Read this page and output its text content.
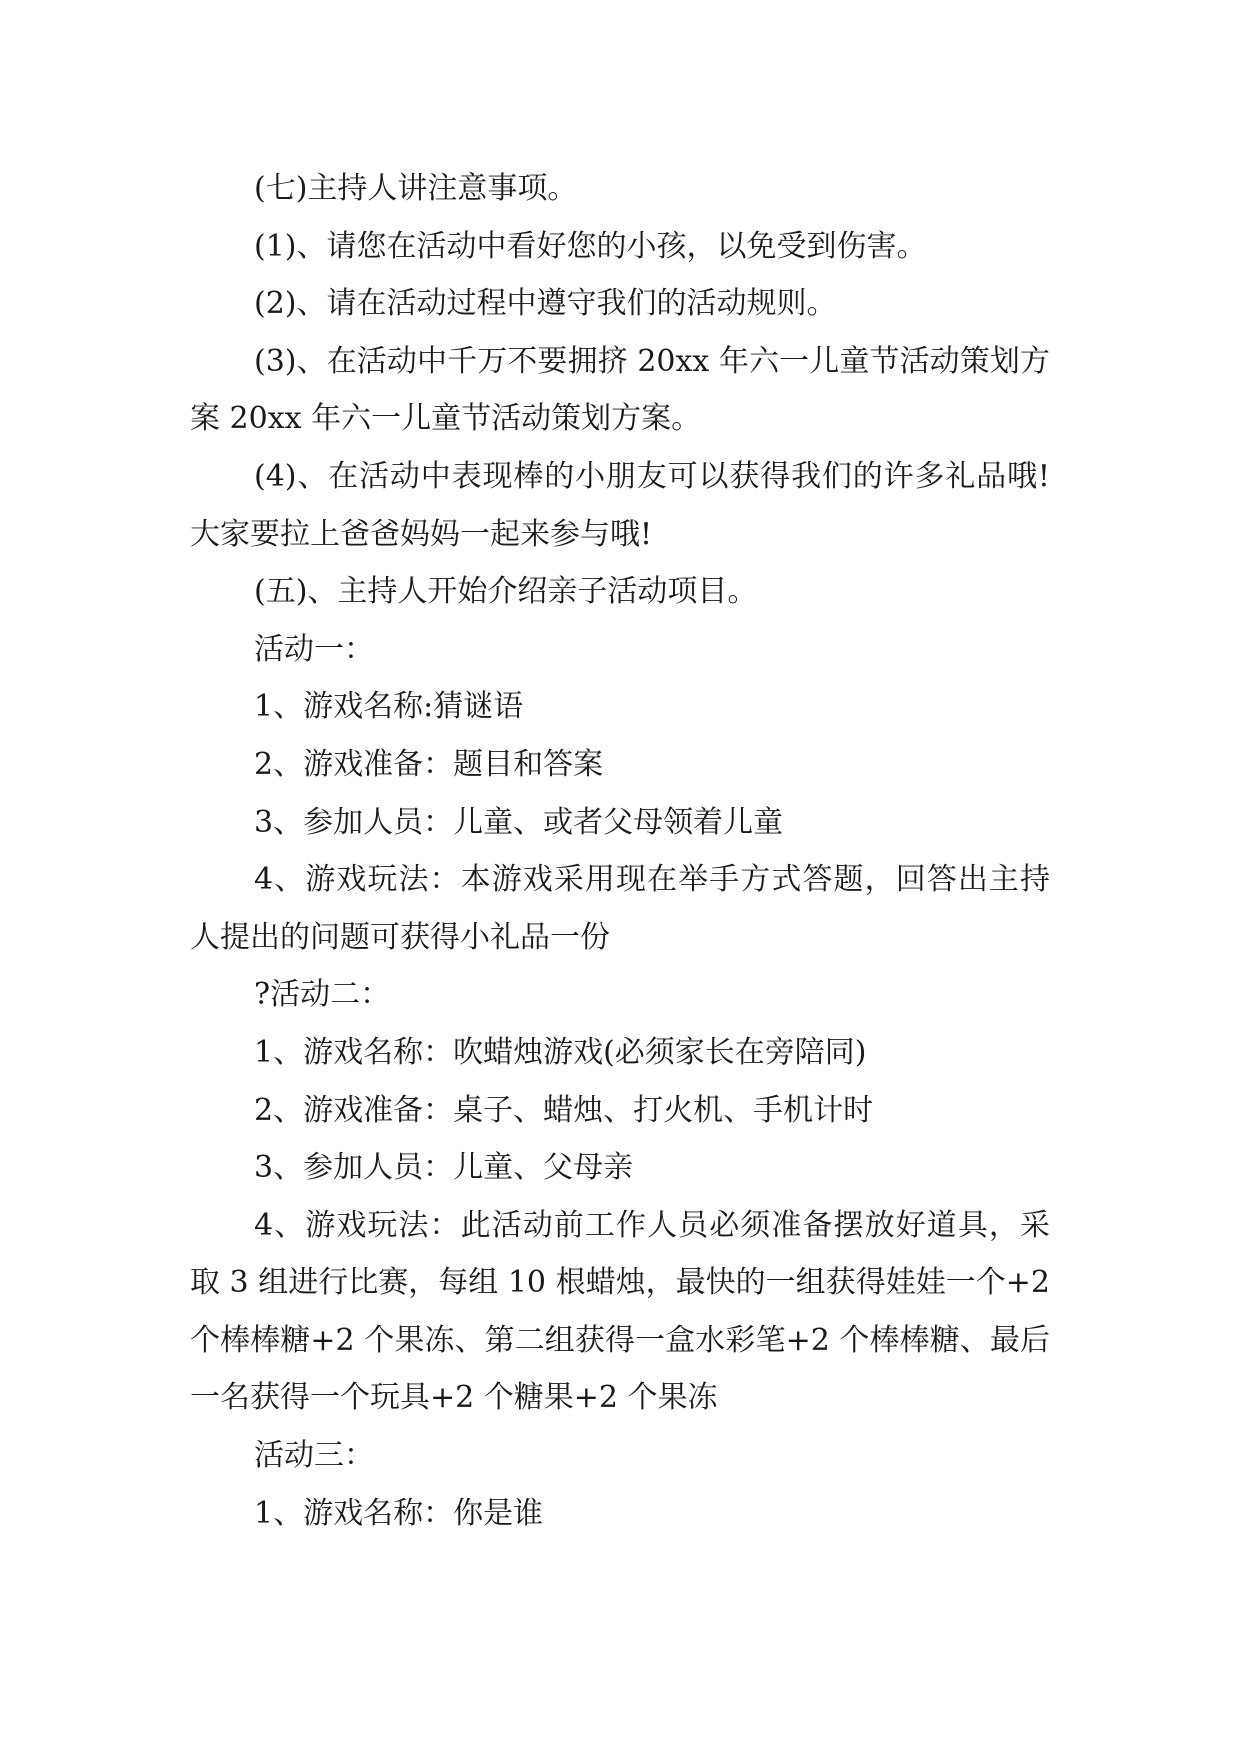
(七)主持人讲注意事项。

(1)、请您在活动中看好您的小孩，以免受到伤害。

(2)、请在活动过程中遵守我们的活动规则。

(3)、在活动中千万不要拥挤 20xx 年六一儿童节活动策划方案 20xx 年六一儿童节活动策划方案。

(4)、在活动中表现棒的小朋友可以获得我们的许多礼品哦!大家要拉上爸爸妈妈一起来参与哦!

(五)、主持人开始介绍亲子活动项目。

活动一：

1、游戏名称:猜谜语

2、游戏准备：题目和答案

3、参加人员：儿童、或者父母领着儿童

4、游戏玩法：本游戏采用现在举手方式答题，回答出主持人提出的问题可获得小礼品一份

?活动二：

1、游戏名称：吹蜡烛游戏(必须家长在旁陪同)

2、游戏准备：桌子、蜡烛、打火机、手机计时

3、参加人员：儿童、父母亲

4、游戏玩法：此活动前工作人员必须准备摆放好道具，采取 3 组进行比赛，每组 10 根蜡烛，最快的一组获得娃娃一个+2 个棒棒糖+2 个果冻、第二组获得一盒水彩笔+2 个棒棒糖、最后一名获得一个玩具+2 个糖果+2 个果冻

活动三：

1、游戏名称：你是谁
